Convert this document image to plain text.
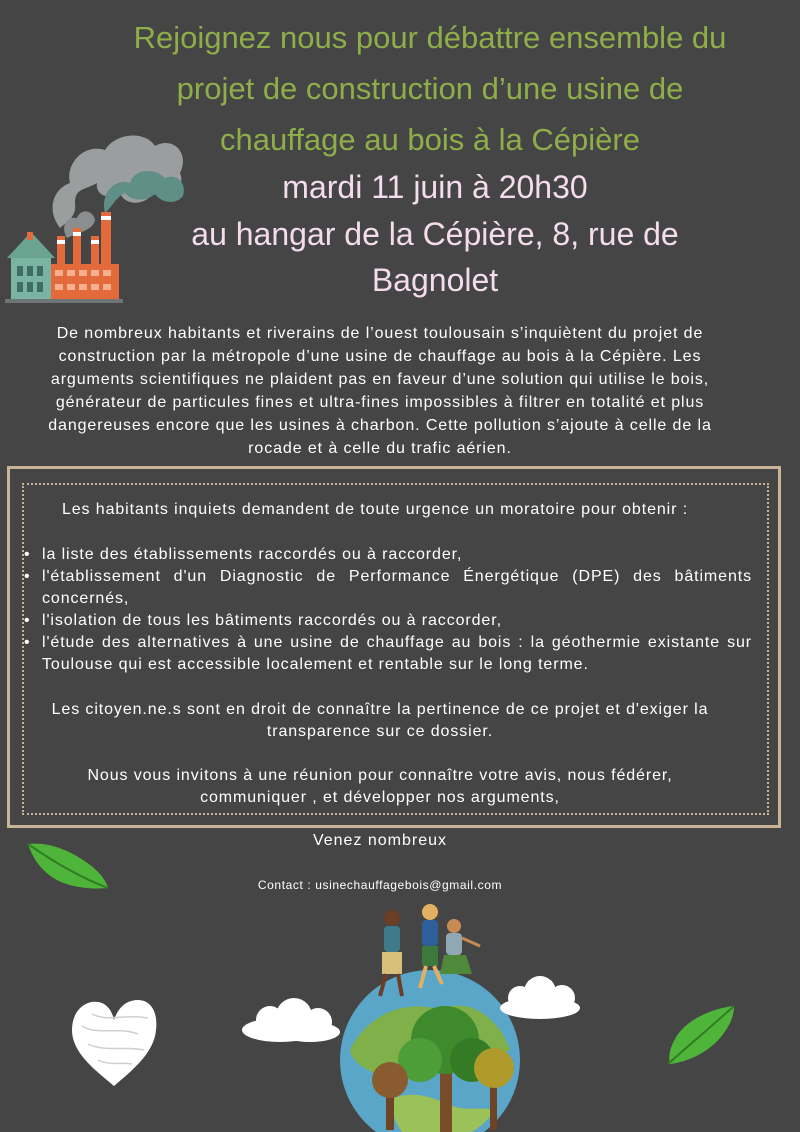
Rejoignez nous pour débattre ensemble du projet de construction d’une usine de chauffage au bois à la Cépière
mardi 11 juin à 20h30
au hangar de la Cépière, 8, rue de Bagnolet

De nombreux habitants et riverains de l’ouest toulousain s’inquiètent du projet de construction par la métropole d’une usine de chauffage au bois à la Cépière. Les arguments scientifiques ne plaident pas en faveur d’une solution qui utilise le bois, générateur de particules fines et ultra-fines impossibles à filtrer en totalité et plus dangereuses encore que les usines à charbon. Cette pollution s’ajoute à celle de la rocade et à celle du trafic aérien.

Les habitants inquiets demandent de toute urgence un moratoire pour obtenir :

• la liste des établissements raccordés ou à raccorder,
• l'établissement d'un Diagnostic de Performance Énergétique (DPE) des bâtiments concernés,
• l'isolation de tous les bâtiments raccordés ou à raccorder,
• l'étude des alternatives à une usine de chauffage au bois : la géothermie existante sur Toulouse qui est accessible localement et rentable sur le long terme.

Les citoyen.ne.s sont en droit de connaître la pertinence de ce projet et d'exiger la transparence sur ce dossier.

Nous vous invitons à une réunion pour connaître votre avis, nous fédérer, communiquer , et développer nos arguments,

Venez nombreux
Contact : usinechauffagebois@gmail.com
